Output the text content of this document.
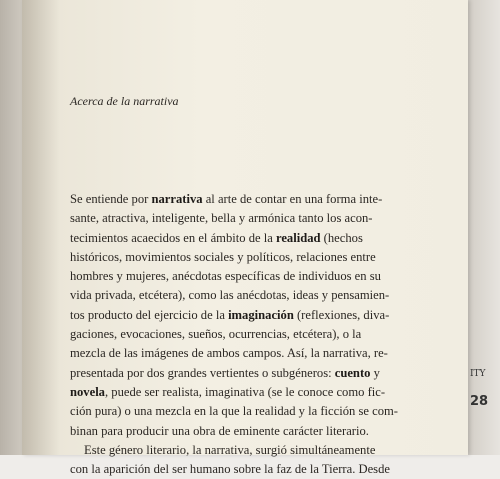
ITY
28
Acerca de la narrativa
Se entiende por narrativa al arte de contar en una forma inte-
sante, atractiva, inteligente, bella y armónica tanto los acon-
tecimientos acaecidos en el ámbito de la realidad (hechos
históricos, movimientos sociales y políticos, relaciones entre
hombres y mujeres, anécdotas específicas de individuos en su
vida privada, etcétera), como las anécdotas, ideas y pensamien-
tos producto del ejercicio de la imaginación (reflexiones, diva-
gaciones, evocaciones, sueños, ocurrencias, etcétera), o la
mezcla de las imágenes de ambos campos. Así, la narrativa, re-
presentada por dos grandes vertientes o subgéneros: cuento y
novela, puede ser realista, imaginativa (se le conoce como fic-
ción pura) o una mezcla en la que la realidad y la ficción se com-
binan para producir una obra de eminente carácter literario.
Este género literario, la narrativa, surgió simultáneamente
con la aparición del ser humano sobre la faz de la Tierra. Desde
